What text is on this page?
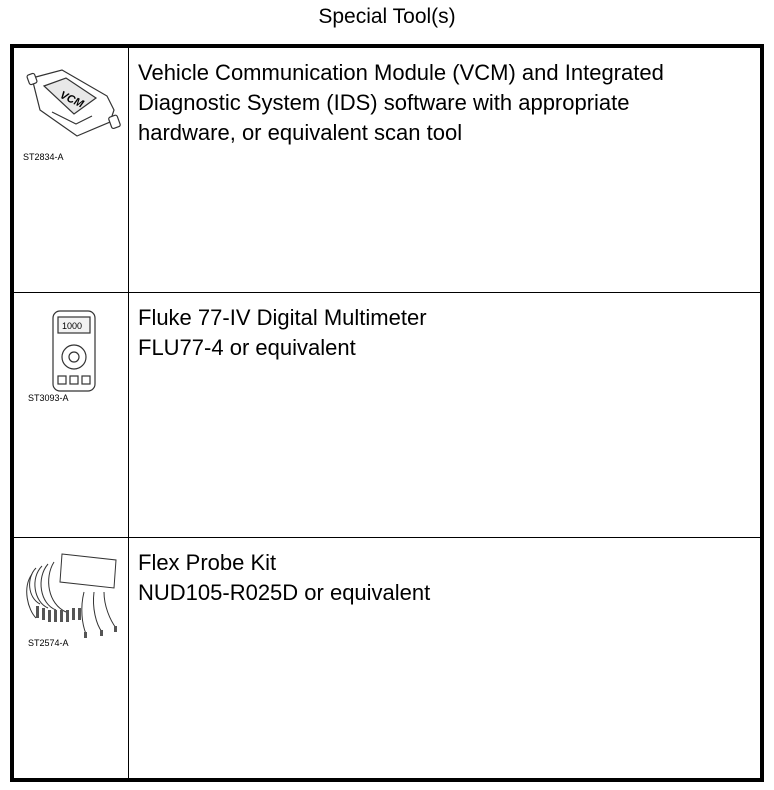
Special Tool(s)
VCM
ST2834-A
Vehicle Communication Module (VCM) and Integrated
Diagnostic System (IDS) software with appropriate
hardware, or equivalent scan tool
1000
ST3093-A
Fluke 77-IV Digital Multimeter
FLU77-4 or equivalent
ST2574-A
Flex Probe Kit
NUD105-R025D or equivalent
